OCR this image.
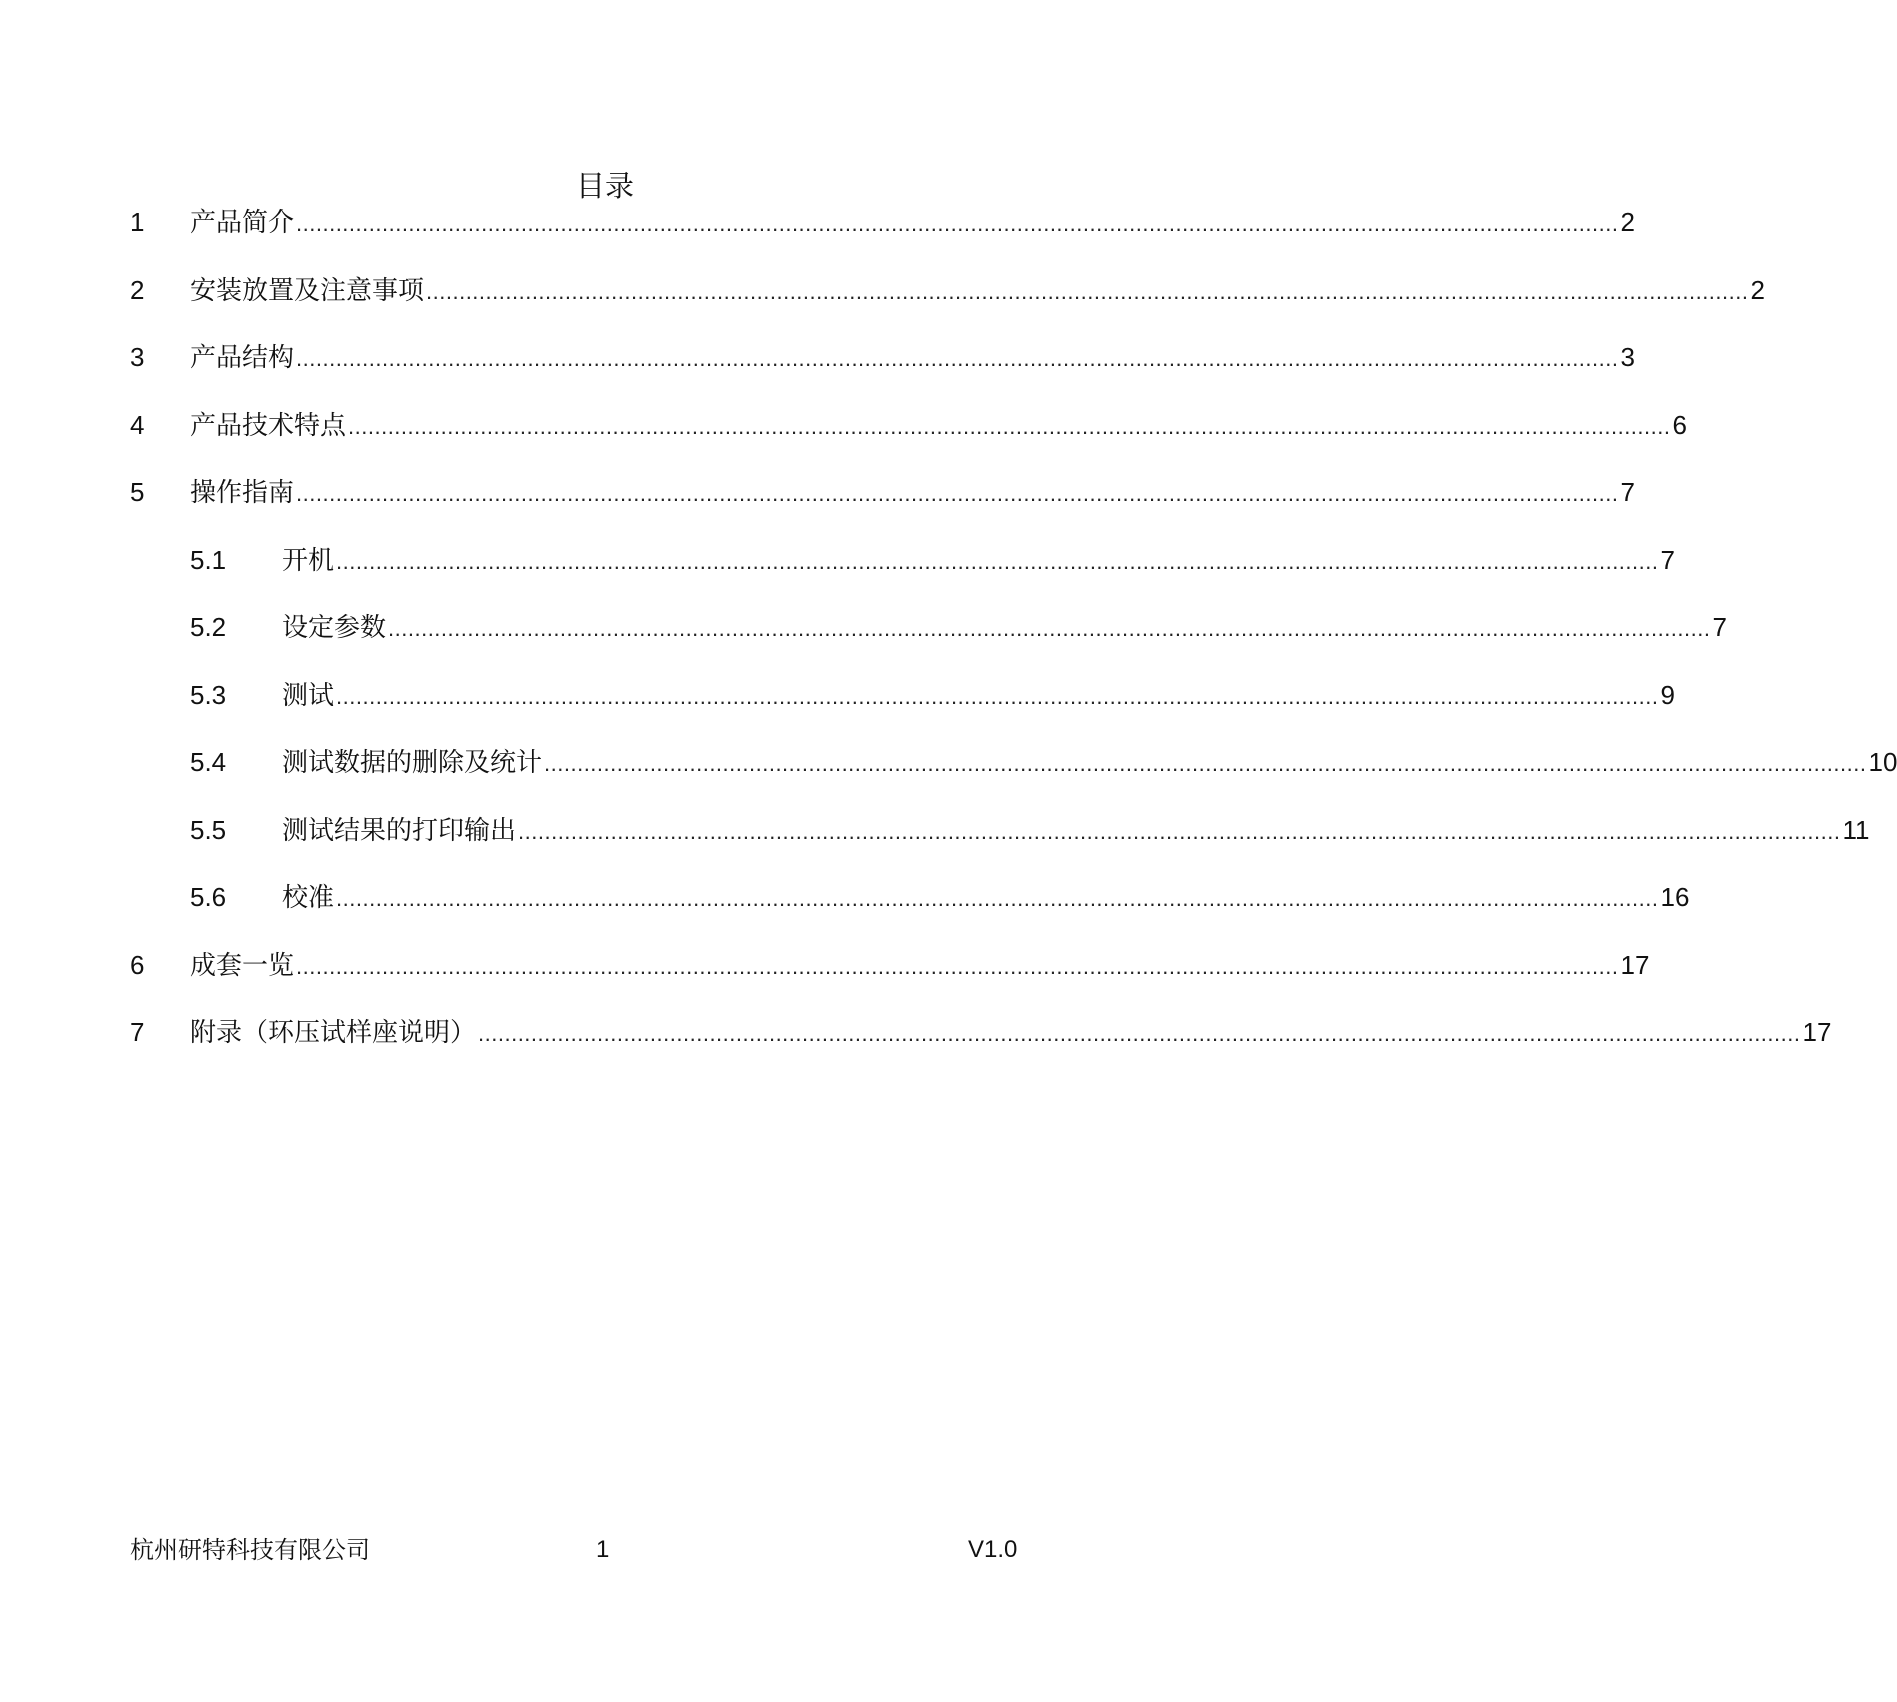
目录
1 产品简介 ........................................................................................................................................................................................................ 2
2 安装放置及注意事项 ........................................................................................................................................................................................................ 2
3 产品结构 ........................................................................................................................................................................................................ 3
4 产品技术特点 ........................................................................................................................................................................................................ 6
5 操作指南 ........................................................................................................................................................................................................ 7
5.1 开机 ........................................................................................................................................................................................................ 7
5.2 设定参数 ........................................................................................................................................................................................................ 7
5.3 测试 ........................................................................................................................................................................................................ 9
5.4 测试数据的删除及统计 ........................................................................................................................................................................................................ 10
5.5 测试结果的打印输出 ........................................................................................................................................................................................................ 11
5.6 校准 ........................................................................................................................................................................................................ 16
6 成套一览 ........................................................................................................................................................................................................ 17
7 附录（环压试样座说明） ........................................................................................................................................................................................................ 17
杭州研特科技有限公司	1	V1.0
